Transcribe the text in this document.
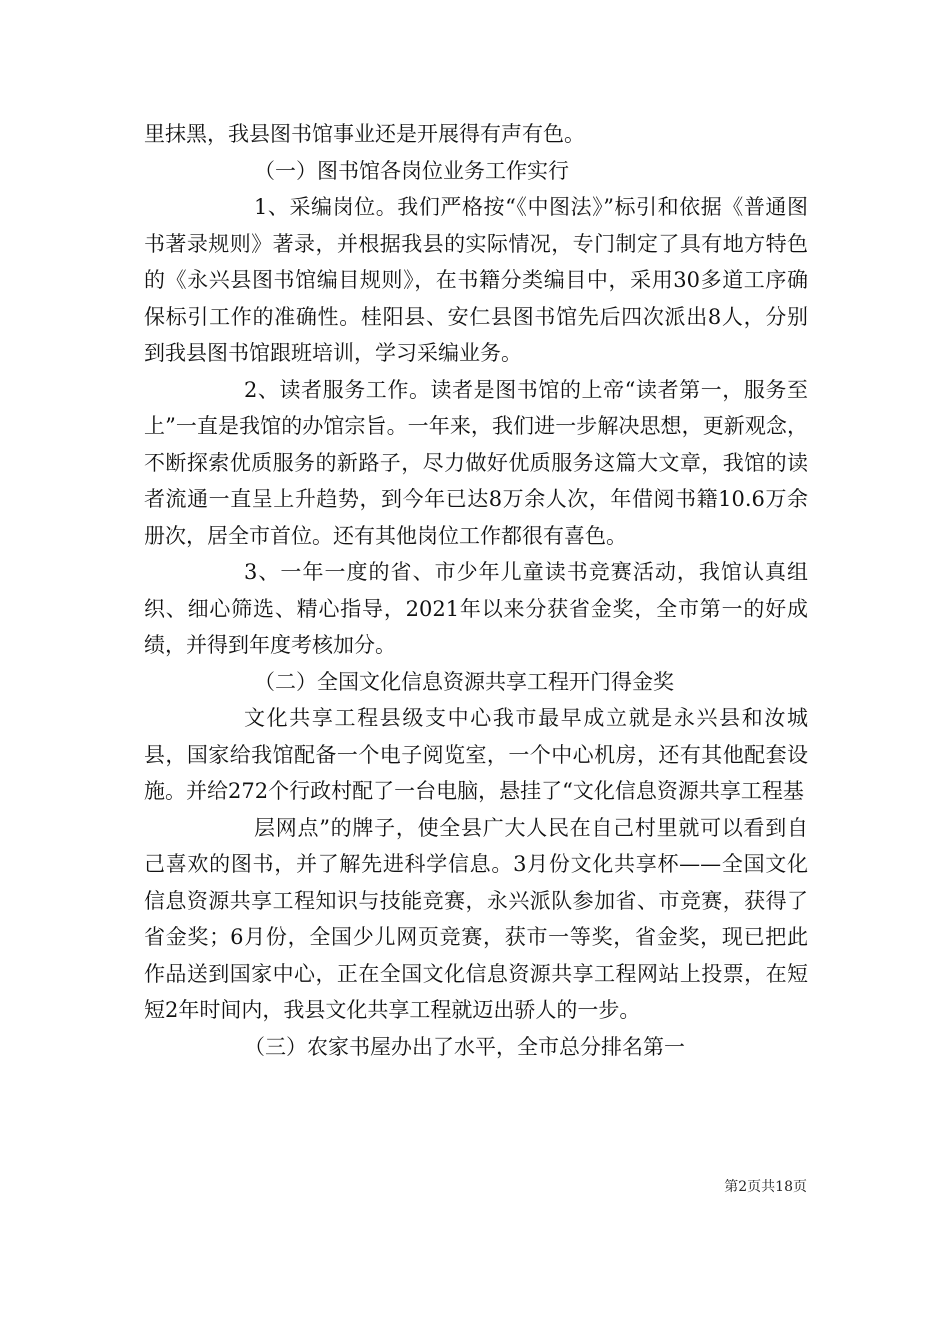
里抹黑，我县图书馆事业还是开展得有声有色。

（一）图书馆各岗位业务工作实行

1、采编岗位。我们严格按“《中图法》”标引和依据《普通图书著录规则》著录，并根据我县的实际情况，专门制定了具有地方特色的《永兴县图书馆编目规则》，在书籍分类编目中，采用30多道工序确保标引工作的准确性。桂阳县、安仁县图书馆先后四次派出8人，分别到我县图书馆跟班培训，学习采编业务。

2、读者服务工作。读者是图书馆的上帝“读者第一，服务至上”一直是我馆的办馆宗旨。一年来，我们进一步解决思想，更新观念，不断探索优质服务的新路子，尽力做好优质服务这篇大文章，我馆的读者流通一直呈上升趋势，到今年已达8万余人次，年借阅书籍10.6万余册次，居全市首位。还有其他岗位工作都很有喜色。

3、一年一度的省、市少年儿童读书竞赛活动，我馆认真组织、细心筛选、精心指导，2021年以来分获省金奖，全市第一的好成绩，并得到年度考核加分。

（二）全国文化信息资源共享工程开门得金奖

文化共享工程县级支中心我市最早成立就是永兴县和汝城县，国家给我馆配备一个电子阅览室，一个中心机房，还有其他配套设施。并给272个行政村配了一台电脑，悬挂了“文化信息资源共享工程基

层网点”的牌子，使全县广大人民在自己村里就可以看到自己喜欢的图书，并了解先进科学信息。3月份文化共享杯——全国文化信息资源共享工程知识与技能竞赛，永兴派队参加省、市竞赛，获得了省金奖；6月份，全国少儿网页竞赛，获市一等奖，省金奖，现已把此作品送到国家中心，正在全国文化信息资源共享工程网站上投票，在短短2年时间内，我县文化共享工程就迈出骄人的一步。

（三）农家书屋办出了水平，全市总分排名第一

第2页共18页
